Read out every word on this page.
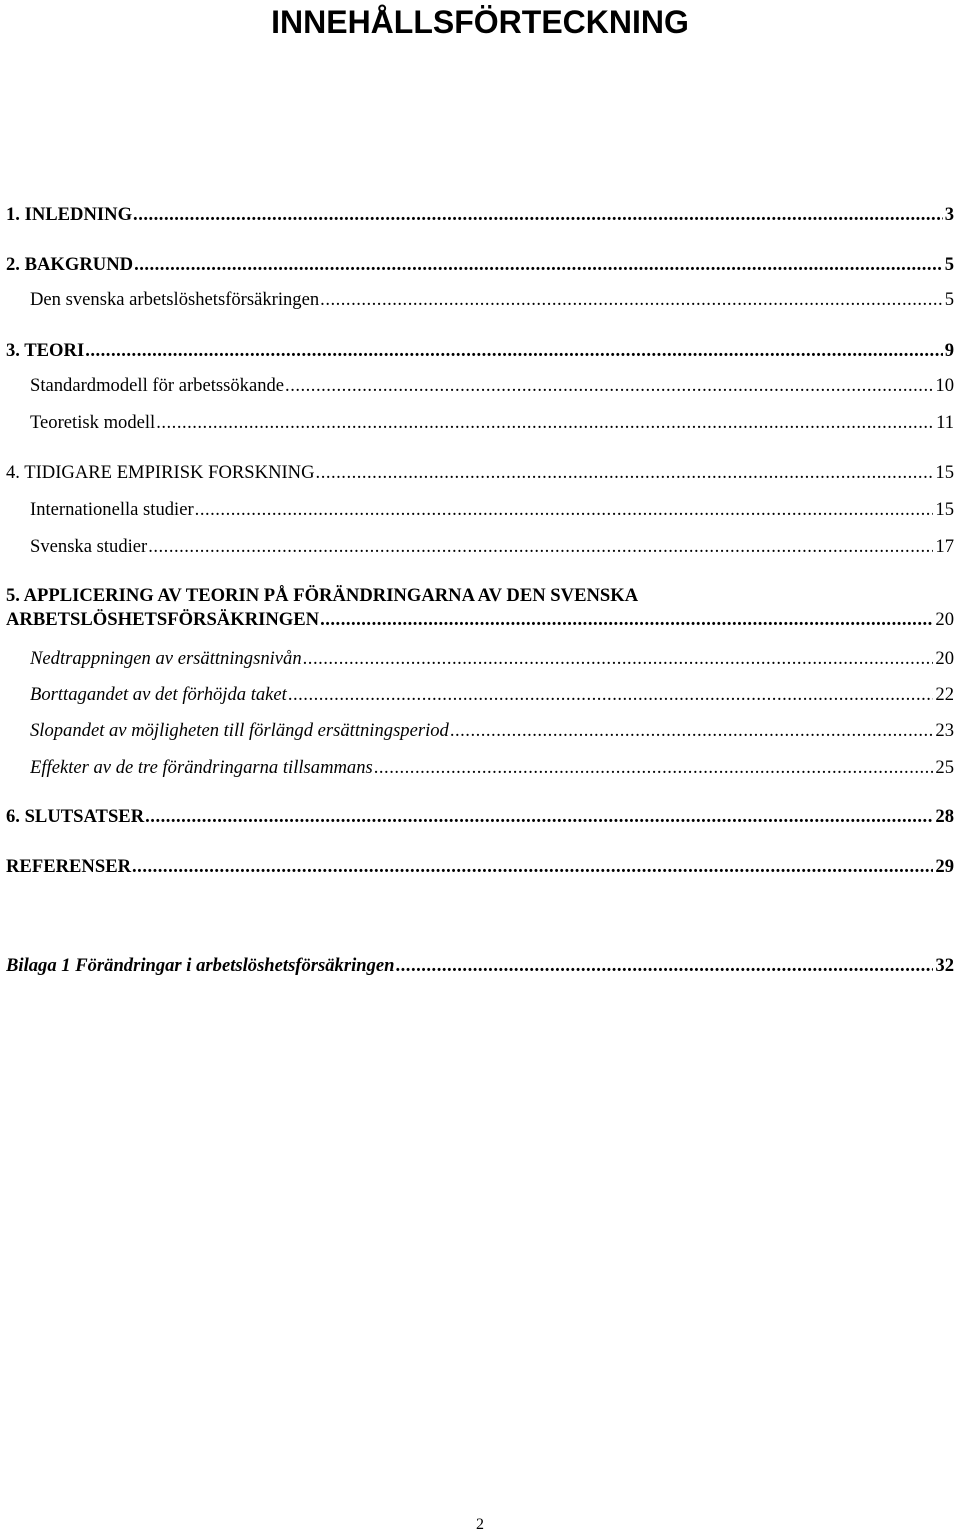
INNEHÅLLSFÖRTECKNING
1. INLEDNING .....	3
2. BAKGRUND .....	5
Den svenska arbetslöshetsförsäkringen .....	5
3. TEORI .....	9
Standardmodell för arbetssökande .....	10
Teoretisk modell .....	11
4. TIDIGARE EMPIRISK FORSKNING .....	15
Internationella studier .....	15
Svenska studier .....	17
5. APPLICERING AV TEORIN PÅ FÖRÄNDRINGARNA AV DEN SVENSKA
ARBETSLÖSHETSFÖRSÄKRINGEN .....	20
Nedtrappningen av ersättningsnivån .....	20
Borttagandet av det förhöjda taket .....	22
Slopandet av möjligheten till förlängd ersättningsperiod .....	23
Effekter av de tre förändringarna tillsammans .....	25
6. SLUTSATSER .....	28
REFERENSER .....	29
Bilaga 1 Förändringar i arbetslöshetsförsäkringen .....	32
2
